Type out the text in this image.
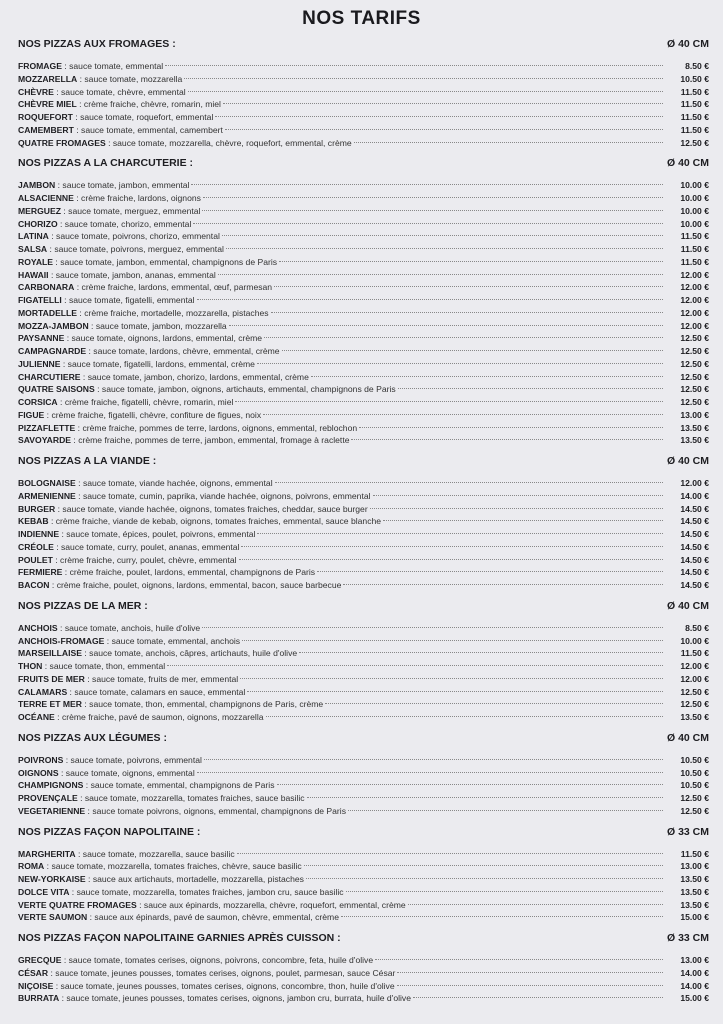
NOS TARIFS
NOS PIZZAS AUX FROMAGES :	Ø 40 CM
FROMAGE : sauce tomate, emmental	8.50 €
MOZZARELLA : sauce tomate, mozzarella	10.50 €
CHÈVRE : sauce tomate, chèvre, emmental	11.50 €
CHÈVRE MIEL : crème fraiche, chèvre, romarin, miel	11.50 €
ROQUEFORT : sauce tomate, roquefort, emmental	11.50 €
CAMEMBERT : sauce tomate, emmental, camembert	11.50 €
QUATRE FROMAGES : sauce tomate, mozzarella, chèvre, roquefort, emmental, crème	12.50 €
NOS PIZZAS A LA CHARCUTERIE :	Ø 40 CM
JAMBON : sauce tomate, jambon, emmental	10.00 €
ALSACIENNE : crème fraiche, lardons, oignons	10.00 €
MERGUEZ : sauce tomate, merguez, emmental	10.00 €
CHORIZO : sauce tomate, chorizo, emmental	10.00 €
LATINA : sauce tomate, poivrons, chorizo, emmental	11.50 €
SALSA : sauce tomate, poivrons, merguez, emmental	11.50 €
ROYALE : sauce tomate, jambon, emmental, champignons de Paris	11.50 €
HAWAII : sauce tomate, jambon, ananas, emmental	12.00 €
CARBONARA : crème fraiche, lardons, emmental, œuf, parmesan	12.00 €
FIGATELLI : sauce tomate, figatelli, emmental	12.00 €
MORTADELLE : crème fraiche, mortadelle, mozzarella, pistaches	12.00 €
MOZZA-JAMBON : sauce tomate, jambon, mozzarella	12.00 €
PAYSANNE : sauce tomate, oignons, lardons, emmental, crème	12.50 €
CAMPAGNARDE : sauce tomate, lardons, chèvre, emmental, crème	12.50 €
JULIENNE : sauce tomate, figatelli, lardons, emmental, crème	12.50 €
CHARCUTIERE : sauce tomate, jambon, chorizo, lardons, emmental, crème	12.50 €
QUATRE SAISONS : sauce tomate, jambon, oignons, artichauts, emmental, champignons de Paris	12.50 €
CORSICA : crème fraiche, figatelli, chèvre, romarin, miel	12.50 €
FIGUE : crème fraiche, figatelli, chèvre, confiture de figues, noix	13.00 €
PIZZAFLETTE : crème fraiche, pommes de terre, lardons, oignons, emmental, reblochon	13.50 €
SAVOYARDE : crème fraiche, pommes de terre, jambon, emmental, fromage à raclette	13.50 €
NOS PIZZAS A LA VIANDE :	Ø 40 CM
BOLOGNAISE : sauce tomate, viande hachée, oignons, emmental	12.00 €
ARMENIENNE : sauce tomate, cumin, paprika, viande hachée, oignons, poivrons, emmental	14.00 €
BURGER : sauce tomate, viande hachée, oignons, tomates fraiches, cheddar, sauce burger	14.50 €
KEBAB : crème fraiche, viande de kebab, oignons, tomates fraiches, emmental, sauce blanche	14.50 €
INDIENNE : sauce tomate, épices, poulet, poivrons, emmental	14.50 €
CRÉOLE : sauce tomate, curry, poulet, ananas, emmental	14.50 €
POULET : crème fraiche, curry, poulet, chèvre, emmental	14.50 €
FERMIERE : crème fraiche, poulet, lardons, emmental, champignons de Paris	14.50 €
BACON : crème fraiche, poulet, oignons, lardons, emmental, bacon, sauce barbecue	14.50 €
NOS PIZZAS DE LA MER :	Ø 40 CM
ANCHOIS : sauce tomate, anchois, huile d'olive	8.50 €
ANCHOIS-FROMAGE : sauce tomate, emmental, anchois	10.00 €
MARSEILLAISE : sauce tomate, anchois, câpres, artichauts, huile d'olive	11.50 €
THON : sauce tomate, thon, emmental	12.00 €
FRUITS DE MER : sauce tomate, fruits de mer, emmental	12.00 €
CALAMARS : sauce tomate, calamars en sauce, emmental	12.50 €
TERRE ET MER : sauce tomate, thon, emmental, champignons de Paris, crème	12.50 €
OCÉANE : crème fraiche, pavé de saumon, oignons, mozzarella	13.50 €
NOS PIZZAS AUX LÉGUMES :	Ø 40 CM
POIVRONS : sauce tomate, poivrons, emmental	10.50 €
OIGNONS : sauce tomate, oignons, emmental	10.50 €
CHAMPIGNONS : sauce tomate, emmental, champignons de Paris	10.50 €
PROVENÇALE : sauce tomate, mozzarella, tomates fraiches, sauce basilic	12.50 €
VEGETARIENNE : sauce tomate poivrons, oignons, emmental, champignons de Paris	12.50 €
NOS PIZZAS FAÇON NAPOLITAINE :	Ø 33 CM
MARGHERITA : sauce tomate, mozzarella, sauce basilic	11.50 €
ROMA : sauce tomate, mozzarella, tomates fraiches, chèvre, sauce basilic	13.00 €
NEW-YORKAISE : sauce aux artichauts, mortadelle, mozzarella, pistaches	13.50 €
DOLCE VITA : sauce tomate, mozzarella, tomates fraiches, jambon cru, sauce basilic	13.50 €
VERTE QUATRE FROMAGES : sauce aux épinards, mozzarella, chèvre, roquefort, emmental, crème	13.50 €
VERTE SAUMON : sauce aux épinards, pavé de saumon, chèvre, emmental, crème	15.00 €
NOS PIZZAS FAÇON NAPOLITAINE GARNIES APRÈS CUISSON :	Ø 33 CM
GRECQUE : sauce tomate, tomates cerises, oignons, poivrons, concombre, feta, huile d'olive	13.00 €
CÉSAR : sauce tomate, jeunes pousses, tomates cerises, oignons, poulet, parmesan, sauce César	14.00 €
NIÇOISE : sauce tomate, jeunes pousses, tomates cerises, oignons, concombre, thon, huile d'olive	14.00 €
BURRATA : sauce tomate, jeunes pousses, tomates cerises, oignons, jambon cru, burrata, huile d'olive	15.00 €
